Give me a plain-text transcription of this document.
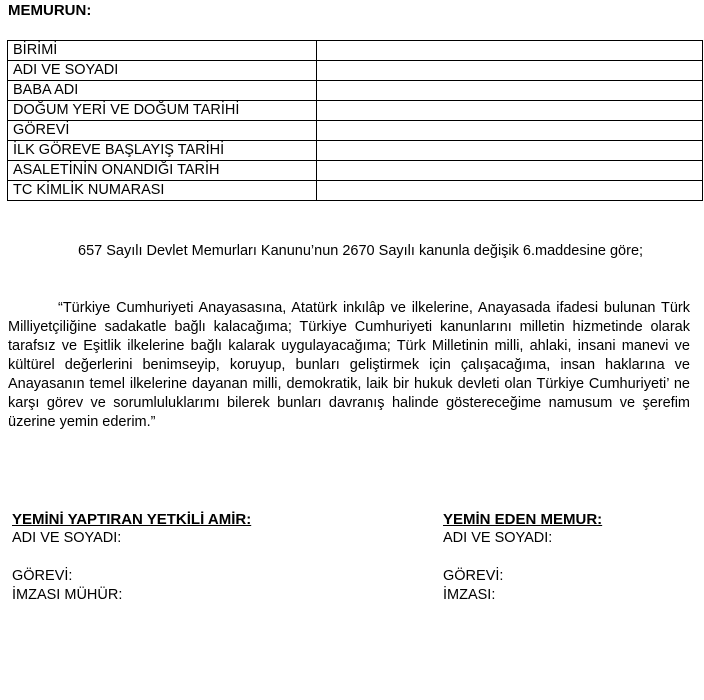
MEMURUN:
BİRİMİ	
ADI VE SOYADI	
BABA ADI	
DOĞUM YERİ VE DOĞUM TARİHİ	
GÖREVİ	
İLK GÖREVE BAŞLAYIŞ TARİHİ	
ASALETİNİN ONANDIĞI TARİH	
TC KİMLİK NUMARASI	
657 Sayılı Devlet Memurları Kanunu’nun 2670 Sayılı kanunla değişik 6.maddesine göre;
“Türkiye Cumhuriyeti Anayasasına, Atatürk inkılâp ve ilkelerine, Anayasada ifadesi bulunan Türk Milliyetçiliğine sadakatle bağlı kalacağıma; Türkiye Cumhuriyeti kanunlarını milletin hizmetinde olarak tarafsız ve Eşitlik ilkelerine bağlı kalarak uygulayacağıma; Türk Milletinin milli, ahlaki, insani manevi ve kültürel değerlerini benimseyip, koruyup, bunları geliştirmek için çalışacağıma, insan haklarına ve Anayasanın temel ilkelerine dayanan milli, demokratik, laik bir hukuk devleti olan Türkiye Cumhuriyeti’ ne karşı görev ve sorumluluklarımı bilerek bunları davranış halinde göstereceğime namusum ve şerefim üzerine yemin ederim.”
YEMİNİ YAPTIRAN YETKİLİ AMİR:
ADI VE SOYADI:
GÖREVİ:
İMZASI MÜHÜR:
YEMİN EDEN MEMUR:
ADI VE SOYADI:
GÖREVİ:
İMZASI:
